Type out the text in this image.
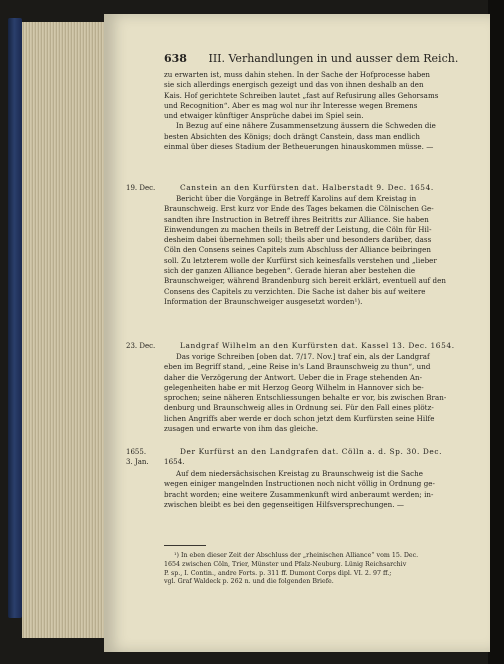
638 III. Verhandlungen in und ausser dem Reich.

zu erwarten ist, muss dahin stehen. In der Sache der Hofprocesse haben

sie sich allerdings energisch gezeigt und das von ihnen deshalb an den

Kais. Hof gerichtete Schreiben lautet „fast auf Refusirung alles Gehorsams

und Recognition“. Aber es mag wol nur ihr Interesse wegen Bremens

und etwaiger künftiger Ansprüche dabei im Spiel sein.

In Bezug auf eine nähere Zusammensetzung äussern die Schweden die

besten Absichten des Königs; doch drängt Canstein, dass man endlich

einmal über dieses Stadium der Betheuerungen hinauskommen müsse. —

19. Dec.	Canstein an den Kurfürsten dat. Halberstadt 9. Dec. 1654.

Bericht über die Vorgänge in Betreff Karolins auf dem Kreistag in

Braunschweig. Erst kurz vor Ende des Tages bekamen die Cölnischen Ge-

sandten ihre Instruction in Betreff ihres Beitritts zur Alliance. Sie haben

Einwendungen zu machen theils in Betreff der Leistung, die Cöln für Hil-

desheim dabei übernehmen soll; theils aber und besonders darüber, dass

Cöln den Consens seines Capitels zum Abschluss der Alliance beibringen

soll. Zu letzterem wolle der Kurfürst sich keinesfalls verstehen und „lieber

sich der ganzen Alliance begeben“. Gerade hieran aber bestehen die

Braunschweiger, während Brandenburg sich bereit erklärt, eventuell auf den

Consens des Capitels zu verzichten. Die Sache ist daher bis auf weitere

Information der Braunschweiger ausgesetzt worden¹).

23. Dec.	Landgraf Wilhelm an den Kurfürsten dat. Kassel 13. Dec. 1654.

Das vorige Schreiben [oben dat. 7/17. Nov.] traf ein, als der Landgraf

eben im Begriff stand, „eine Reise in's Land Braunschweig zu thun“, und

daher die Verzögerung der Antwort. Ueber die in Frage stehenden An-

gelegenheiten habe er mit Herzog Georg Wilhelm in Hannover sich be-

sprochen; seine näheren Entschliessungen behalte er vor, bis zwischen Bran-

denburg und Braunschweig alles in Ordnung sei. Für den Fall eines plötz-

lichen Angriffs aber werde er doch schon jetzt dem Kurfürsten seine Hilfe

zusagen und erwarte von ihm das gleiche.

1655.
3. Jan.
Der Kurfürst an den Landgrafen dat. Cölln a. d. Sp. 30. Dec.
1654.

Auf dem niedersächsischen Kreistag zu Braunschweig ist die Sache

wegen einiger mangelnden Instructionen noch nicht völlig in Ordnung ge-

bracht worden; eine weitere Zusammenkunft wird anberaumt werden; in-

zwischen bleibt es bei den gegenseitigen Hilfsversprechungen. —

¹) In eben dieser Zeit der Abschluss der „rheinischen Alliance“ vom 15. Dec.
1654 zwischen Cöln, Trier, Münster und Pfalz-Neuburg. Lünig Reichsarchiv
P. sp., I. Contin., andre Forts. p. 311 ff. Dumont Corps dipl. VI. 2. 97 ff.;
vgl. Graf Waldeck p. 262 n. und die folgenden Briefe.
